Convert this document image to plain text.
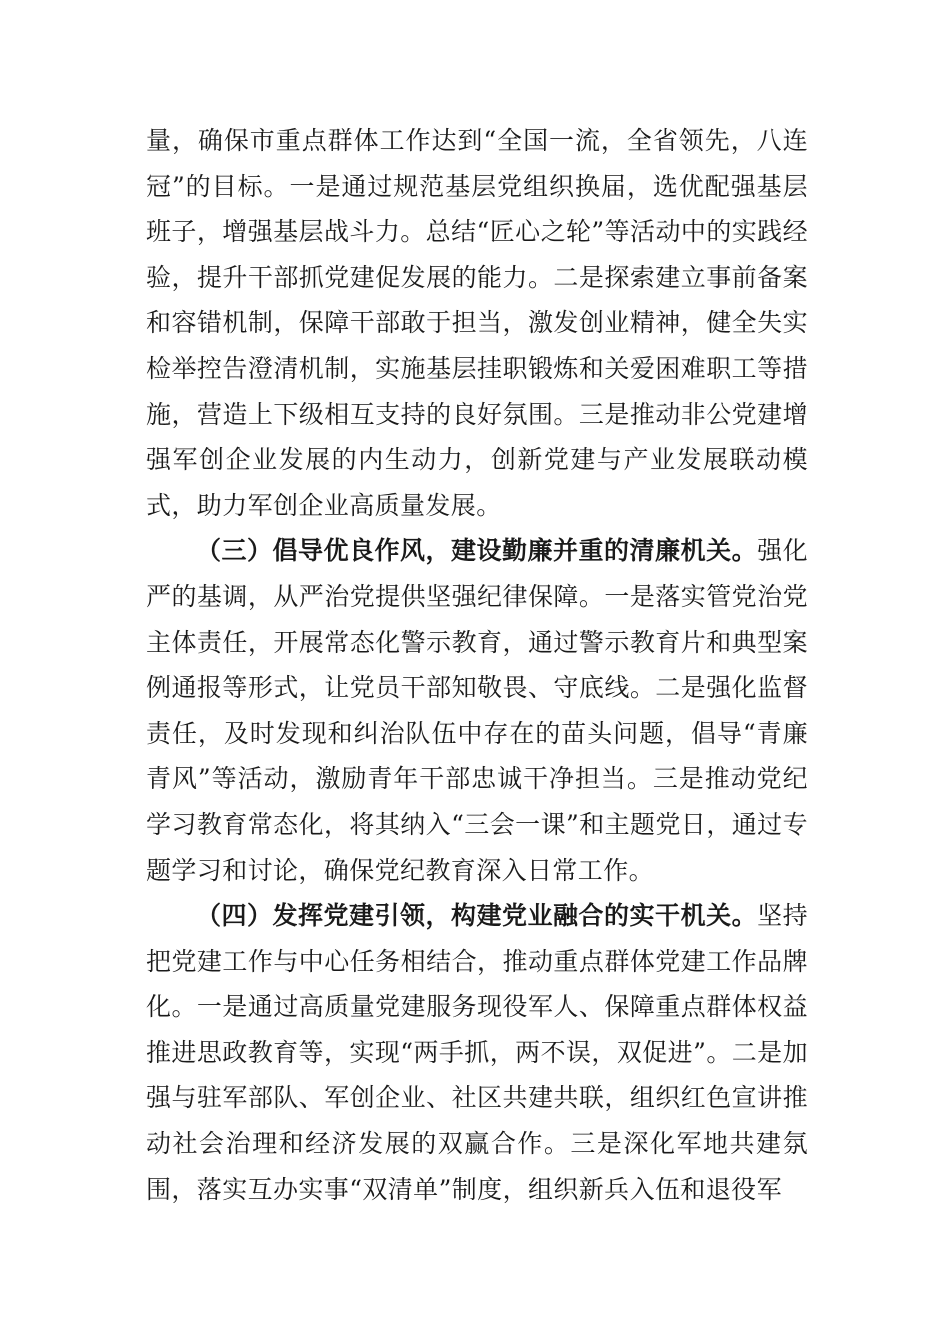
量，确保市重点群体工作达到“全国一流，全省领先，八连冠”的目标。一是通过规范基层党组织换届，选优配强基层班子，增强基层战斗力。总结“匠心之轮”等活动中的实践经验，提升干部抓党建促发展的能力。二是探索建立事前备案和容错机制，保障干部敢于担当，激发创业精神，健全失实检举控告澄清机制，实施基层挂职锻炼和关爱困难职工等措施，营造上下级相互支持的良好氛围。三是推动非公党建增强军创企业发展的内生动力，创新党建与产业发展联动模式，助力军创企业高质量发展。

（三）倡导优良作风，建设勤廉并重的清廉机关。强化严的基调，从严治党提供坚强纪律保障。一是落实管党治党主体责任，开展常态化警示教育，通过警示教育片和典型案例通报等形式，让党员干部知敬畏、守底线。二是强化监督责任，及时发现和纠治队伍中存在的苗头问题，倡导“青廉青风”等活动，激励青年干部忠诚干净担当。三是推动党纪学习教育常态化，将其纳入“三会一课”和主题党日，通过专题学习和讨论，确保党纪教育深入日常工作。

（四）发挥党建引领，构建党业融合的实干机关。坚持把党建工作与中心任务相结合，推动重点群体党建工作品牌化。一是通过高质量党建服务现役军人、保障重点群体权益推进思政教育等，实现“两手抓，两不误，双促进”。二是加强与驻军部队、军创企业、社区共建共联，组织红色宣讲推动社会治理和经济发展的双赢合作。三是深化军地共建氛围，落实互办实事“双清单”制度，组织新兵入伍和退役军
